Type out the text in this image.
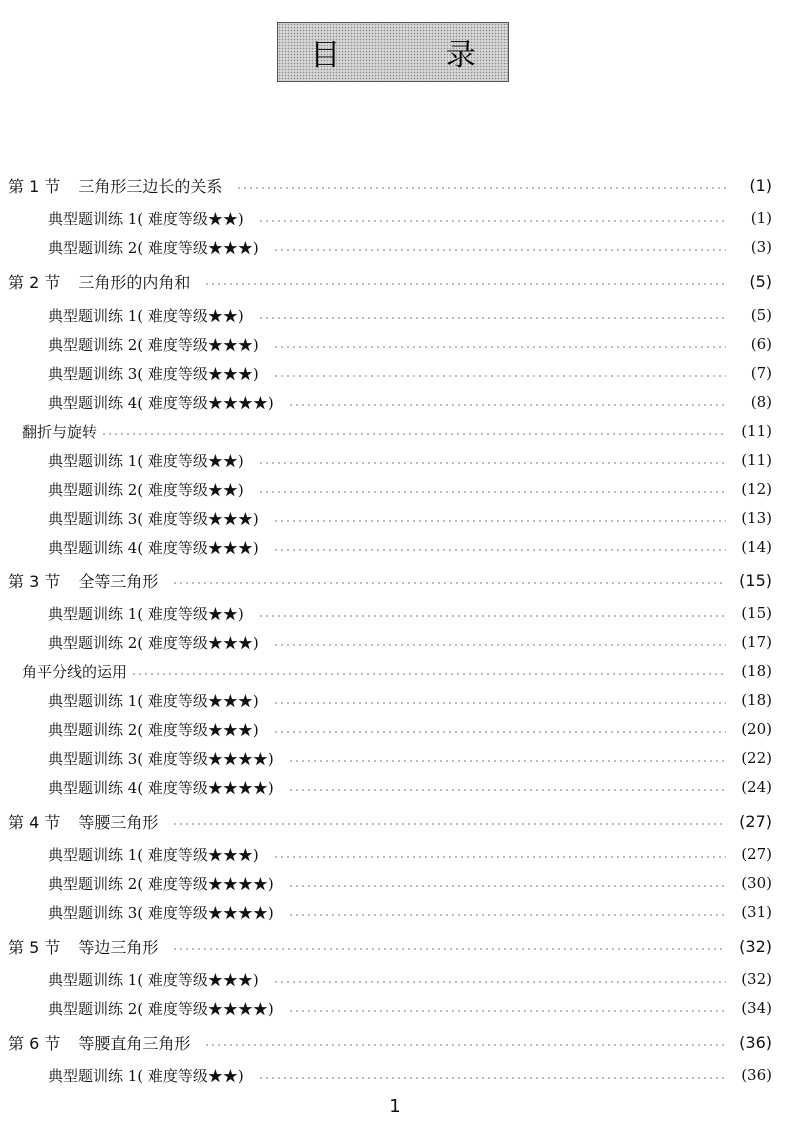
目 录
第 1 节 三角形三边长的关系	(1)
典型题训练 1( 难度等级★★)	(1)
典型题训练 2( 难度等级★★★)	(3)
第 2 节 三角形的内角和	(5)
典型题训练 1( 难度等级★★)	(5)
典型题训练 2( 难度等级★★★)	(6)
典型题训练 3( 难度等级★★★)	(7)
典型题训练 4( 难度等级★★★★)	(8)
翻折与旋转	(11)
典型题训练 1( 难度等级★★)	(11)
典型题训练 2( 难度等级★★)	(12)
典型题训练 3( 难度等级★★★)	(13)
典型题训练 4( 难度等级★★★)	(14)
第 3 节 全等三角形	(15)
典型题训练 1( 难度等级★★)	(15)
典型题训练 2( 难度等级★★★)	(17)
角平分线的运用	(18)
典型题训练 1( 难度等级★★★)	(18)
典型题训练 2( 难度等级★★★)	(20)
典型题训练 3( 难度等级★★★★)	(22)
典型题训练 4( 难度等级★★★★)	(24)
第 4 节 等腰三角形	(27)
典型题训练 1( 难度等级★★★)	(27)
典型题训练 2( 难度等级★★★★)	(30)
典型题训练 3( 难度等级★★★★)	(31)
第 5 节 等边三角形	(32)
典型题训练 1( 难度等级★★★)	(32)
典型题训练 2( 难度等级★★★★)	(34)
第 6 节 等腰直角三角形	(36)
典型题训练 1( 难度等级★★)	(36)
1
